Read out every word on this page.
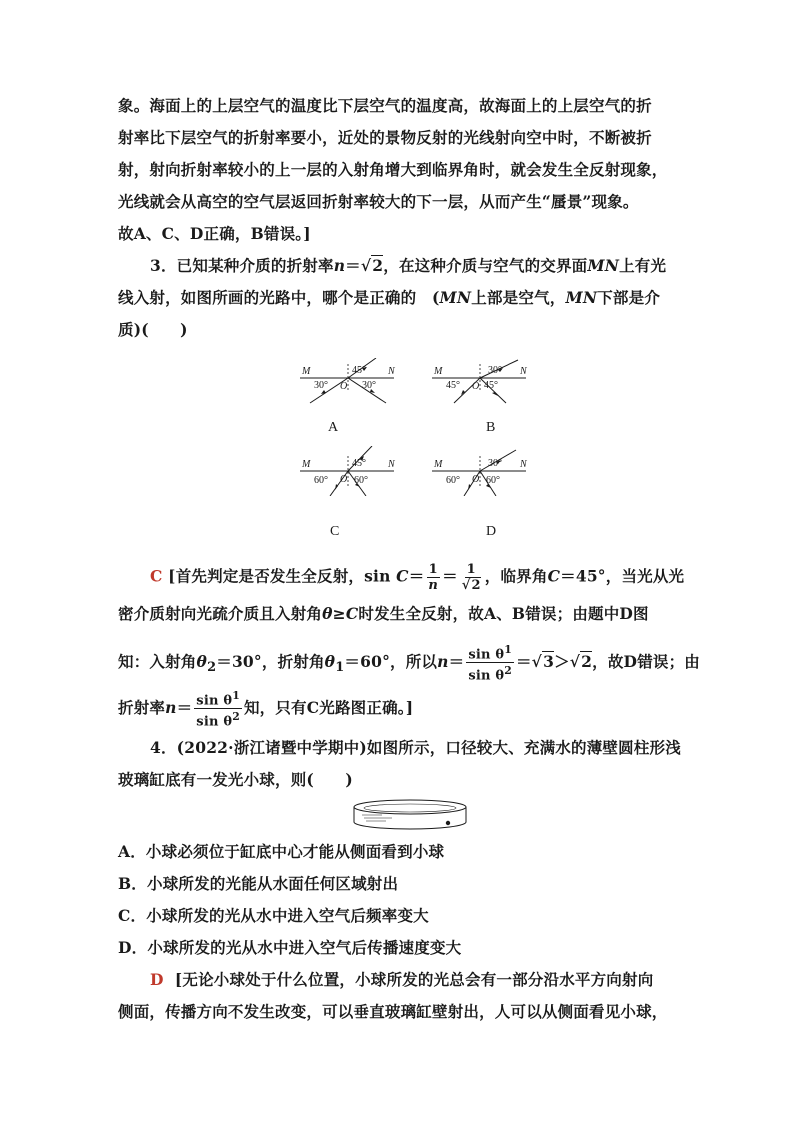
象。海面上的上层空气的温度比下层空气的温度高，故海面上的上层空气的折
射率比下层空气的折射率要小，近处的景物反射的光线射向空中时，不断被折
射，射向折射率较小的上一层的入射角增大到临界角时，就会发生全反射现象，
光线就会从高空的空气层返回折射率较大的下一层，从而产生“蜃景”现象。
故A、C、D正确，B错误。]
3．已知某种介质的折射率n＝√2，在这种介质与空气的交界面MN上有光
线入射，如图所画的光路中，哪个是正确的　(MN上部是空气，MN下部是介
质)(　　)
M	N
O
30°
45°
30°
A
M	N
O
45°
30°
45°
B
M	N
O
60°
45°
60°
C
M	N
O
60°
30°
60°
D
C [首先判定是否发生全反射，$\sin C= \frac{1}{n} = \frac{1}{√2}$ ，临界角C＝45°，当光从光
密介质射向光疏介质且入射角θ≥C时发生全反射，故A、B错误；由题中D图
知：入射角$\theta_2=30^\circ$，折射角$\theta_1=60^\circ$，所以$n= \frac{\sin \theta^1}{\sin \theta^2} =√3>√2$，故D错误；由
折射率$n= \frac{\sin \theta^1}{\sin \theta^2}$ 知，只有C光路图正确。]
4．(2022·浙江诸暨中学期中)如图所示，口径较大、充满水的薄壁圆柱形浅
玻璃缸底有一发光小球，则(　　)
A．小球必须位于缸底中心才能从侧面看到小球
B．小球所发的光能从水面任何区域射出
C．小球所发的光从水中进入空气后频率变大
D．小球所发的光从水中进入空气后传播速度变大
D [无论小球处于什么位置，小球所发的光总会有一部分沿水平方向射向
侧面，传播方向不发生改变，可以垂直玻璃缸壁射出，人可以从侧面看见小球，
